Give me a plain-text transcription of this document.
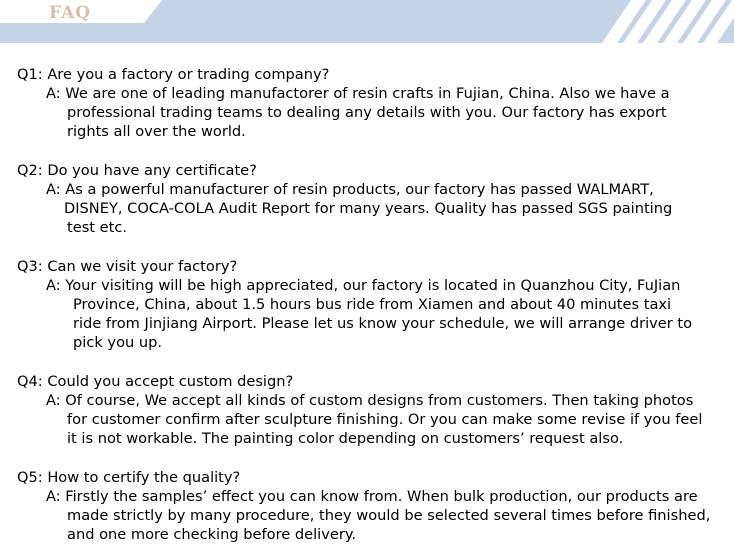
FAQ
Q1: Are you a factory or trading company?
A: We are one of leading manufactorer of resin crafts in Fujian, China. Also we have a
professional trading teams to dealing any details with you. Our factory has export
rights all over the world.
Q2: Do you have any certificate?
A: As a powerful manufacturer of resin products, our factory has passed WALMART,
DISNEY, COCA-COLA Audit Report for many years. Quality has passed SGS painting
test etc.
Q3: Can we visit your factory?
A: Your visiting will be high appreciated, our factory is located in Quanzhou City, FuJian
Province, China, about 1.5 hours bus ride from Xiamen and about 40 minutes taxi
ride from Jinjiang Airport. Please let us know your schedule, we will arrange driver to
pick you up.
Q4: Could you accept custom design?
A: Of course, We accept all kinds of custom designs from customers. Then taking photos
for customer confirm after sculpture finishing. Or you can make some revise if you feel
it is not workable. The painting color depending on customers’ request also.
Q5: How to certify the quality?
A: Firstly the samples’ effect you can know from. When bulk production, our products are
made strictly by many procedure, they would be selected several times before finished,
and one more checking before delivery.
